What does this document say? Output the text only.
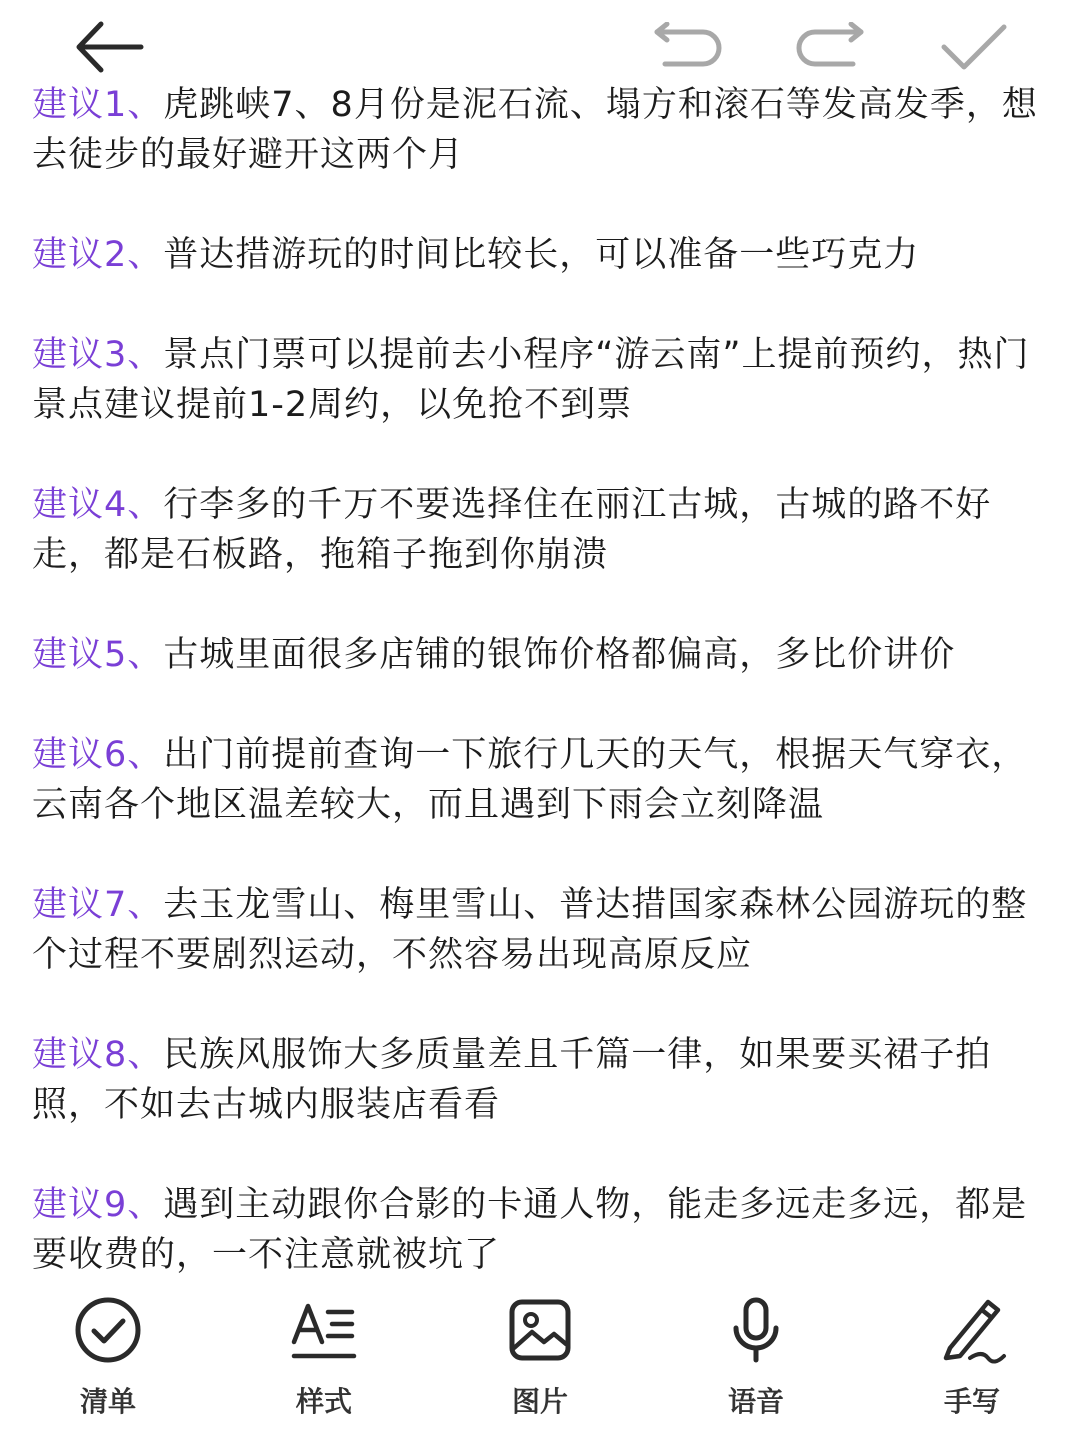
建议1、虎跳峡7、8月份是泥石流、塌方和滚石等发高发季，想去徒步的最好避开这两个月

建议2、普达措游玩的时间比较长，可以准备一些巧克力

建议3、景点门票可以提前去小程序“游云南”上提前预约，热门景点建议提前1-2周约，以免抢不到票

建议4、行李多的千万不要选择住在丽江古城，古城的路不好走，都是石板路，拖箱子拖到你崩溃

建议5、古城里面很多店铺的银饰价格都偏高，多比价讲价

建议6、出门前提前查询一下旅行几天的天气，根据天气穿衣，云南各个地区温差较大，而且遇到下雨会立刻降温

建议7、去玉龙雪山、梅里雪山、普达措国家森林公园游玩的整个过程不要剧烈运动，不然容易出现高原反应

建议8、民族风服饰大多质量差且千篇一律，如果要买裙子拍照，不如去古城内服装店看看

建议9、遇到主动跟你合影的卡通人物，能走多远走多远，都是要收费的，一不注意就被坑了

清单	样式	图片	语音	手写
